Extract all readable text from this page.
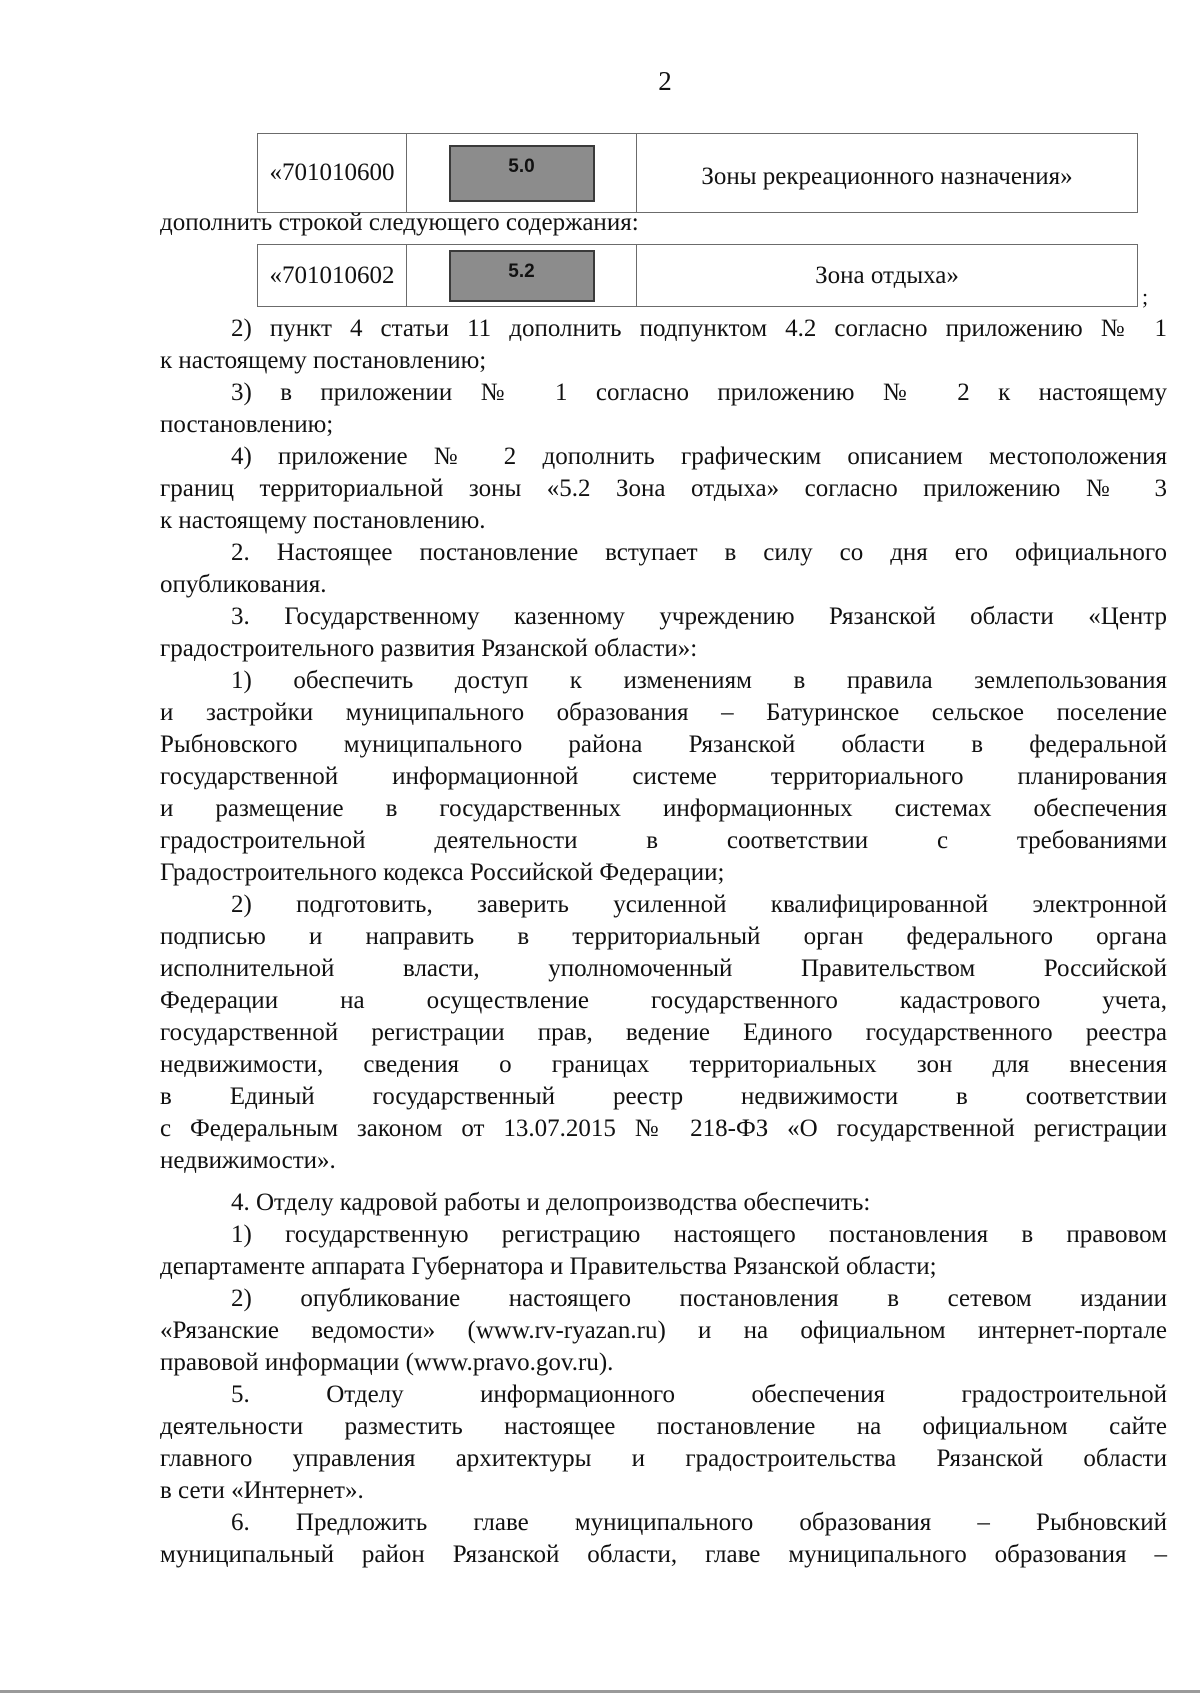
2
«701010600	5.0	Зоны рекреационного назначения»
дополнить строкой следующего содержания:
«701010602	5.2	Зона отдыха»
;
2) пункт 4 статьи 11 дополнить подпунктом 4.2 согласно приложению № 1
к настоящему постановлению;
3) в приложении № 1 согласно приложению № 2 к настоящему
постановлению;
4) приложение № 2 дополнить графическим описанием местоположения
границ территориальной зоны «5.2 Зона отдыха» согласно приложению № 3
к настоящему постановлению.
2. Настоящее постановление вступает в силу со дня его официального
опубликования.
3. Государственному казенному учреждению Рязанской области «Центр
градостроительного развития Рязанской области»:
1) обеспечить доступ к изменениям в правила землепользования
и застройки муниципального образования – Батуринское сельское поселение
Рыбновского муниципального района Рязанской области в федеральной
государственной информационной системе территориального планирования
и размещение в государственных информационных системах обеспечения
градостроительной деятельности в соответствии с требованиями
Градостроительного кодекса Российской Федерации;
2) подготовить, заверить усиленной квалифицированной электронной
подписью и направить в территориальный орган федерального органа
исполнительной власти, уполномоченный Правительством Российской
Федерации на осуществление государственного кадастрового учета,
государственной регистрации прав, ведение Единого государственного реестра
недвижимости, сведения о границах территориальных зон для внесения
в Единый государственный реестр недвижимости в соответствии
с Федеральным законом от 13.07.2015 № 218-ФЗ «О государственной регистрации
недвижимости».
4. Отделу кадровой работы и делопроизводства обеспечить:
1) государственную регистрацию настоящего постановления в правовом
департаменте аппарата Губернатора и Правительства Рязанской области;
2) опубликование настоящего постановления в сетевом издании
«Рязанские ведомости» (www.rv-ryazan.ru) и на официальном интернет-портале
правовой информации (www.pravo.gov.ru).
5. Отделу информационного обеспечения градостроительной
деятельности разместить настоящее постановление на официальном сайте
главного управления архитектуры и градостроительства Рязанской области
в сети «Интернет».
6. Предложить главе муниципального образования – Рыбновский
муниципальный район Рязанской области, главе муниципального образования –
